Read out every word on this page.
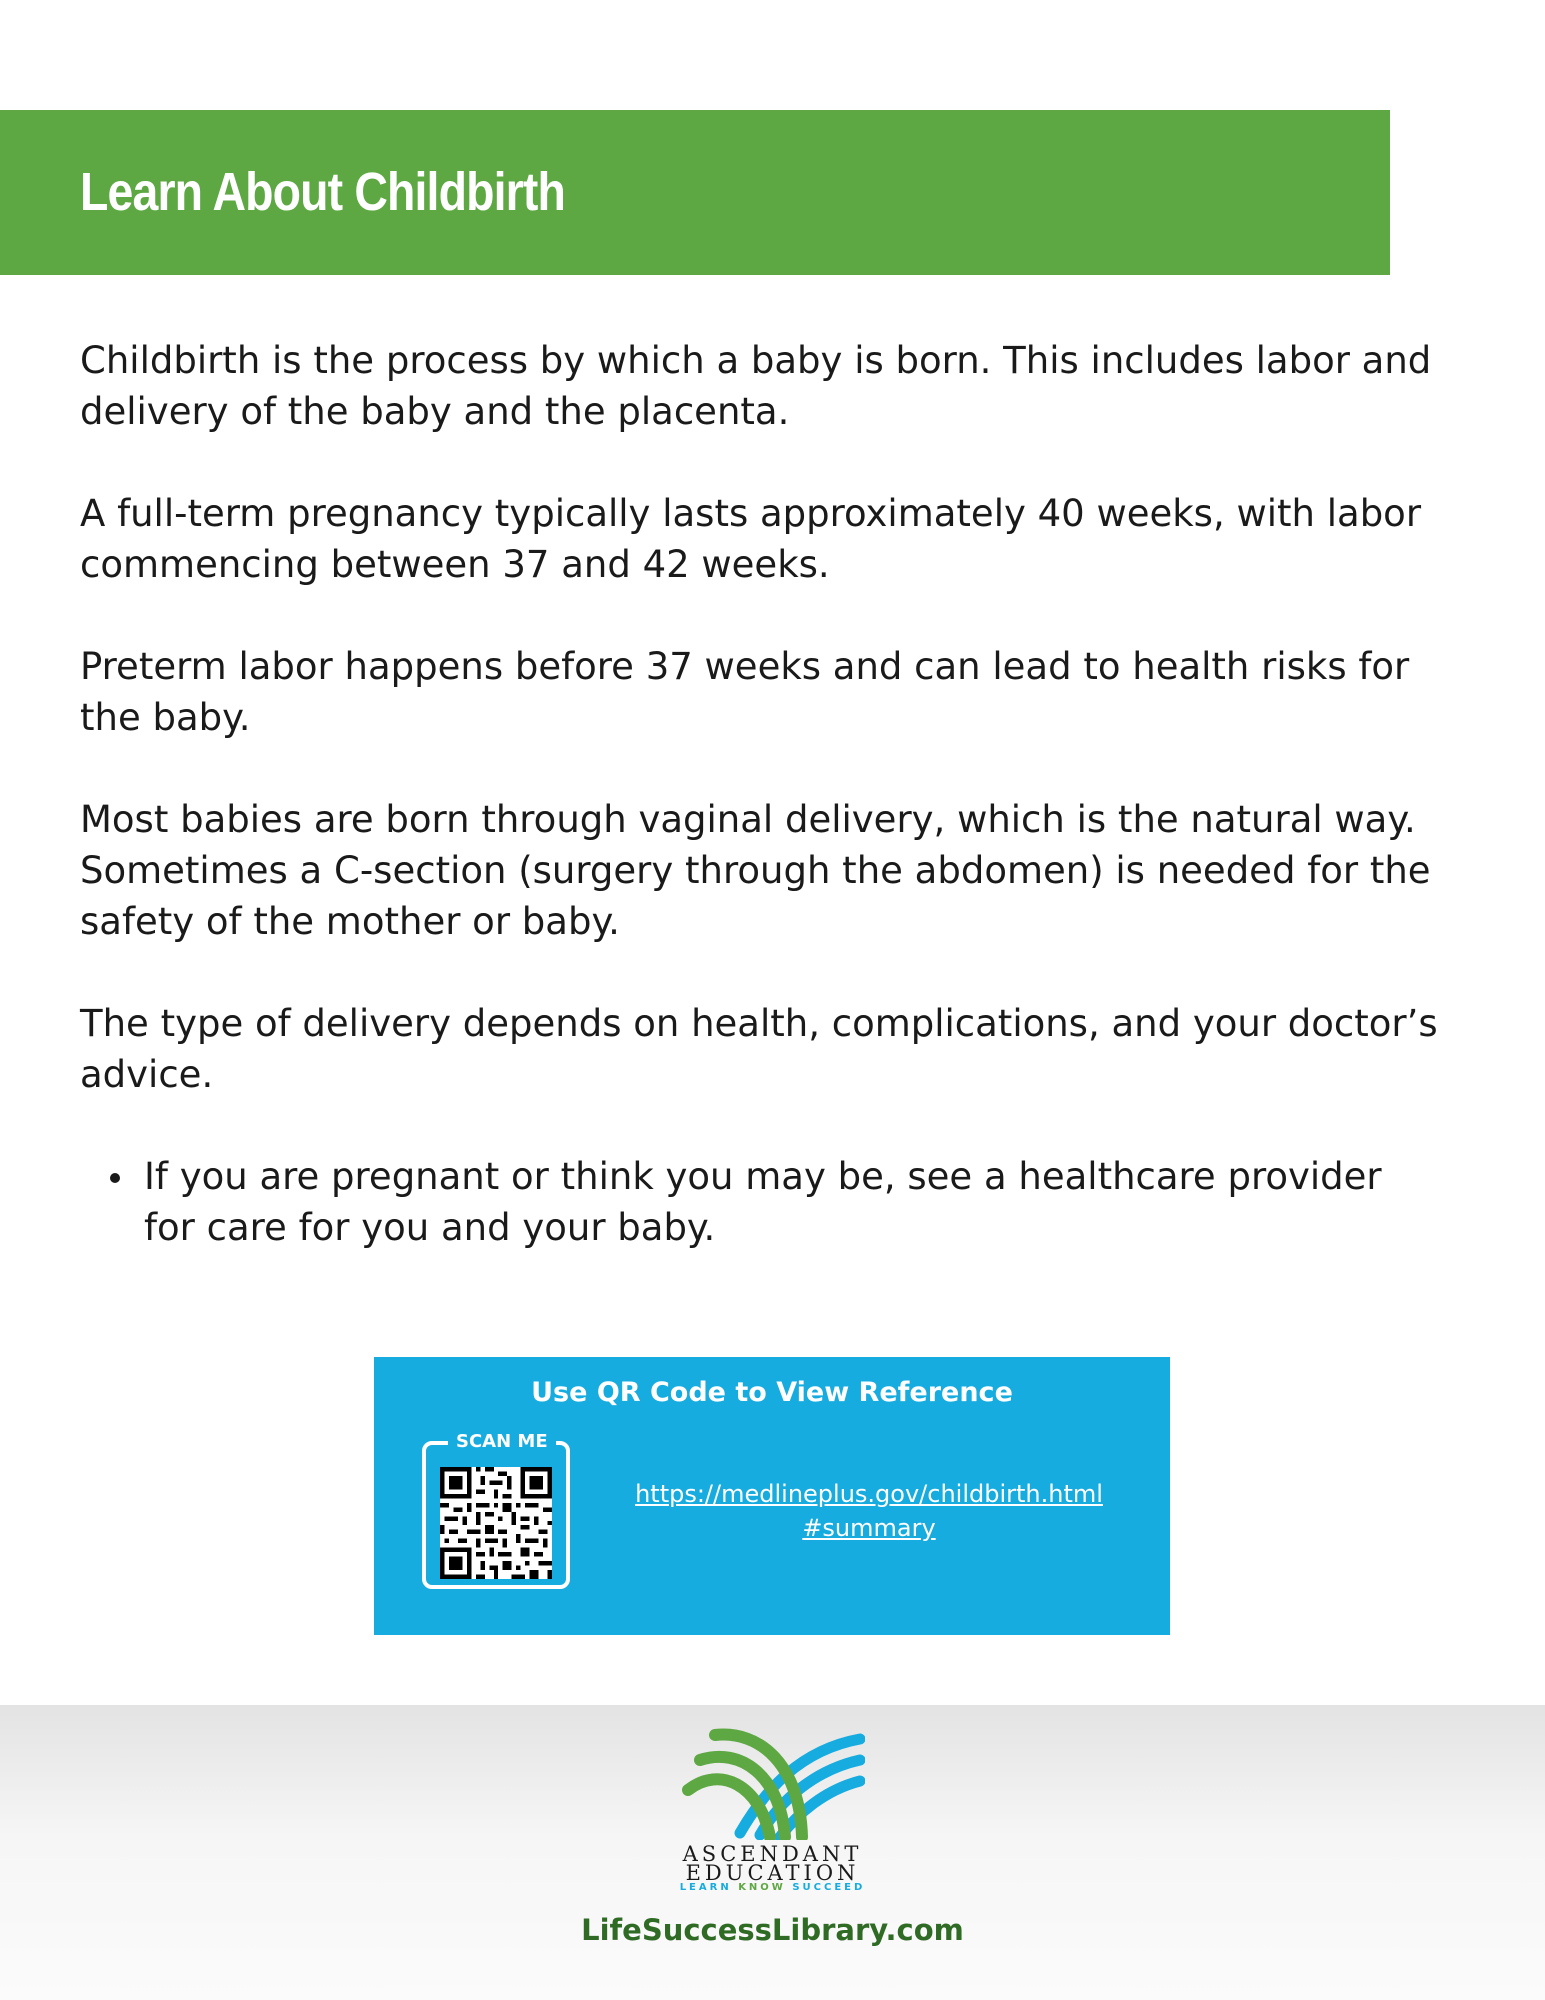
Learn About Childbirth

Childbirth is the process by which a baby is born. This includes labor and delivery of the baby and the placenta.

A full-term pregnancy typically lasts approximately 40 weeks, with labor commencing between 37 and 42 weeks.

Preterm labor happens before 37 weeks and can lead to health risks for the baby.

Most babies are born through vaginal delivery, which is the natural way. Sometimes a C-section (surgery through the abdomen) is needed for the safety of the mother or baby.

The type of delivery depends on health, complications, and your doctor’s advice.

If you are pregnant or think you may be, see a healthcare provider for care for you and your baby.
Use QR Code to View Reference
SCAN ME
https://medlineplus.gov/childbirth.html
#summary
ASCENDANT
EDUCATION
LEARN KNOW SUCCEED
LifeSuccessLibrary.com
